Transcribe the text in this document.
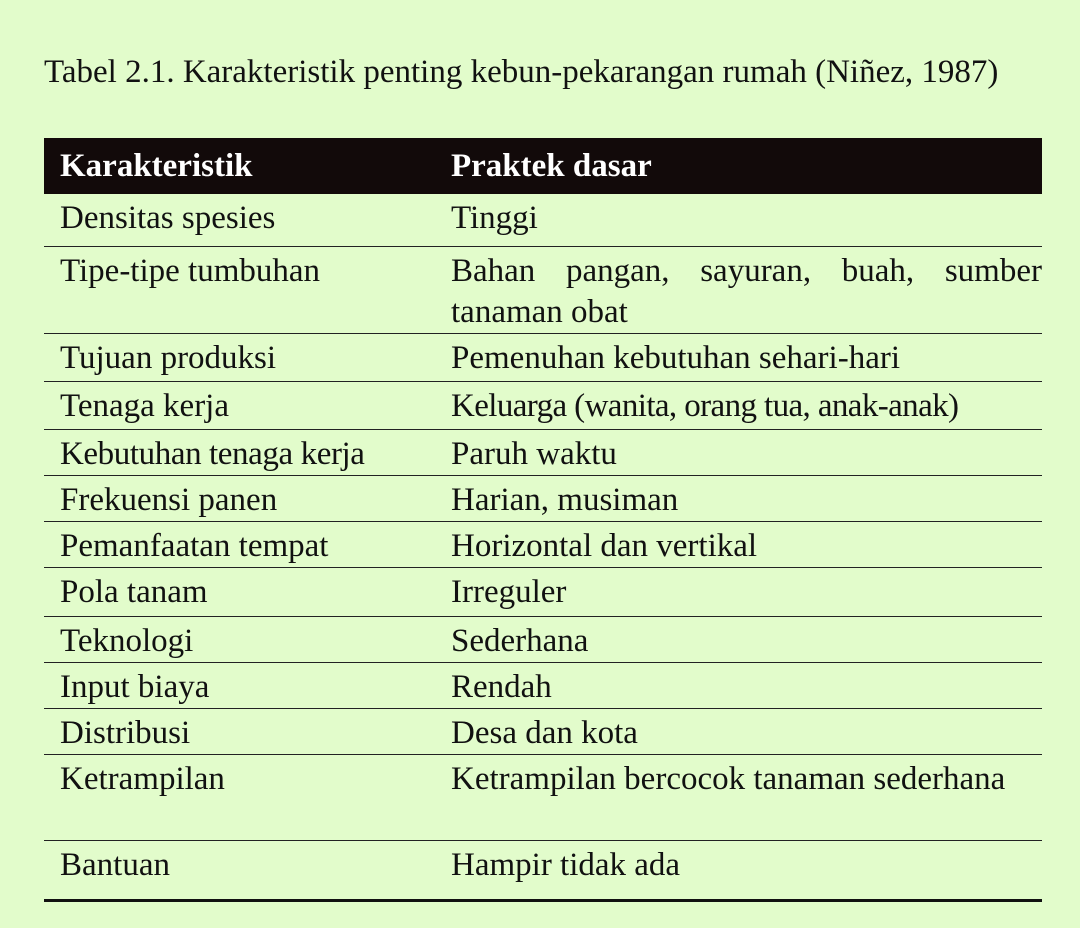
Tabel 2.1. Karakteristik penting kebun-pekarangan rumah (Niñez, 1987)

Karakteristik	Praktek dasar
Densitas spesies	Tinggi
Tipe-tipe tumbuhan	Bahan pangan, sayuran, buah, sumber tanaman obat
Tujuan produksi	Pemenuhan kebutuhan sehari-hari
Tenaga kerja	Keluarga (wanita, orang tua, anak-anak)
Kebutuhan tenaga kerja	Paruh waktu
Frekuensi panen	Harian, musiman
Pemanfaatan tempat	Horizontal dan vertikal
Pola tanam	Irreguler
Teknologi	Sederhana
Input biaya	Rendah
Distribusi	Desa dan kota
Ketrampilan	Ketrampilan bercocok tanaman sederhana
Bantuan	Hampir tidak ada
